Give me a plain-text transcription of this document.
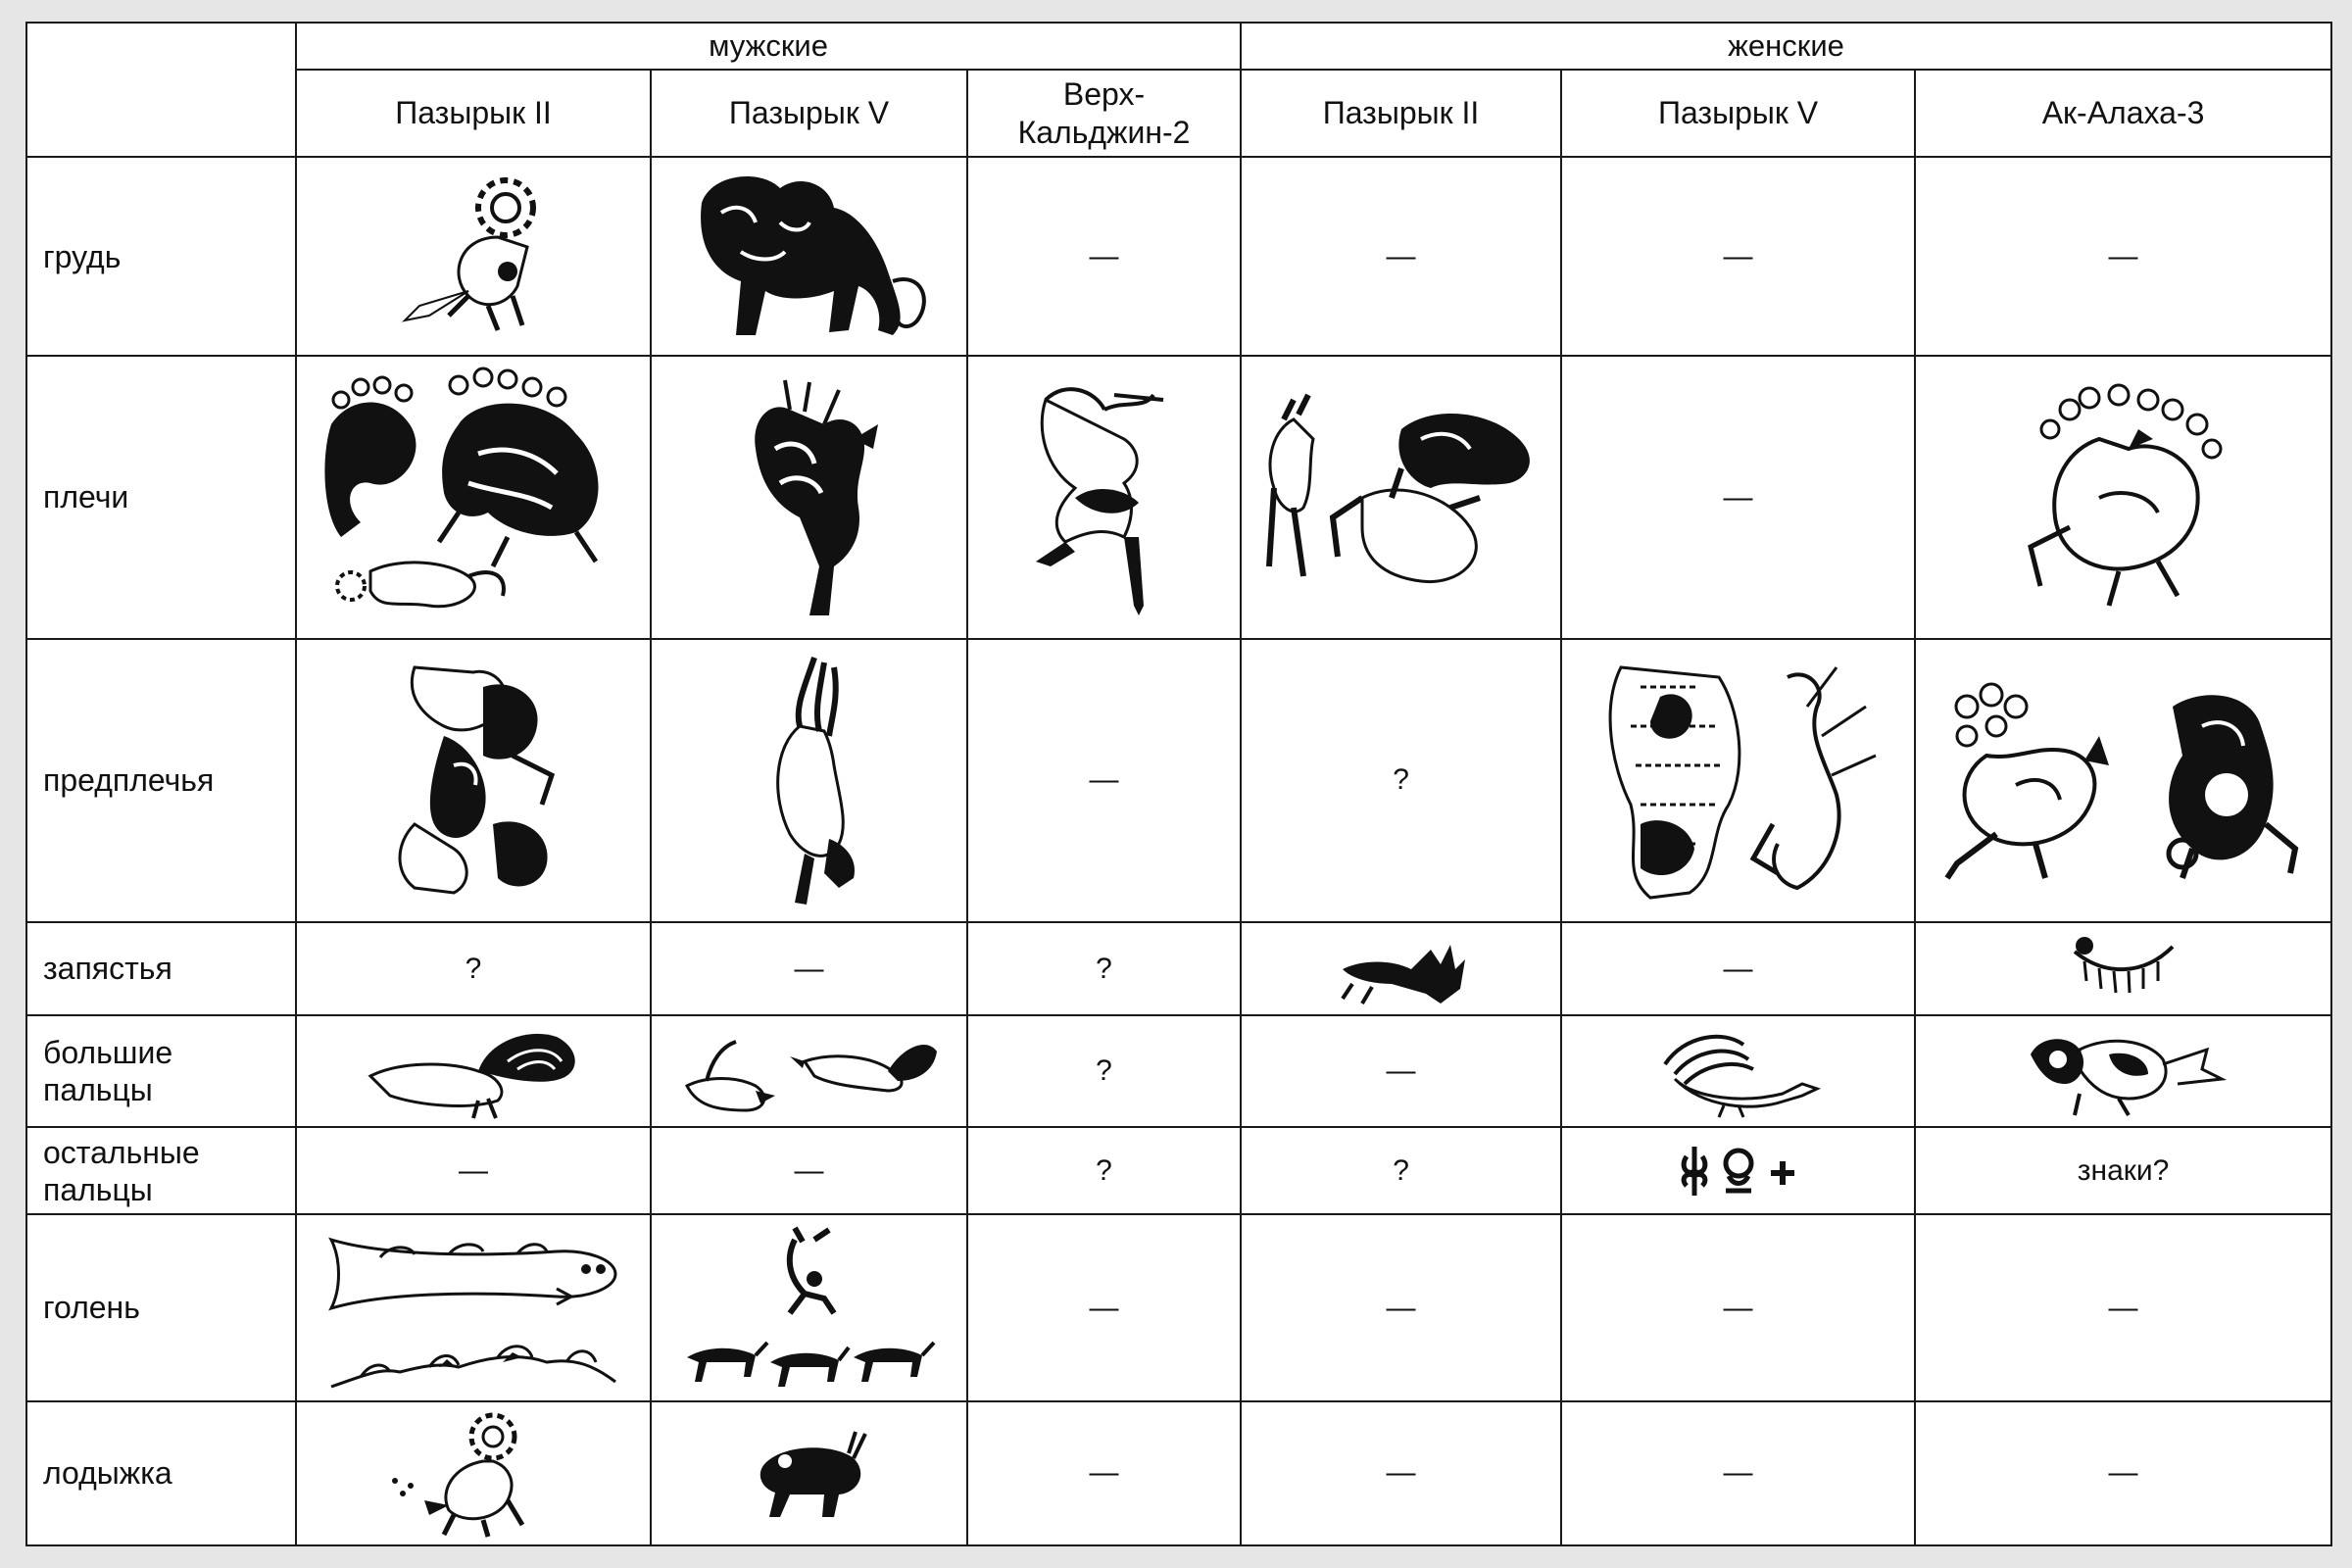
	мужские			женские		
	Пазырык II	Пазырык V	Верх-
Кальджин-2	Пазырык II	Пазырык V	Ак-Алаха-3
грудь			—	—	—	—
плечи					—	

предплечья			—	?	

запястья	?	—	?		—	

большие
пальцы			?	—	

остальные
пальцы	—	—	?	?		знаки?
голень			—	—	—	—
лодыжка			—	—	—	—
